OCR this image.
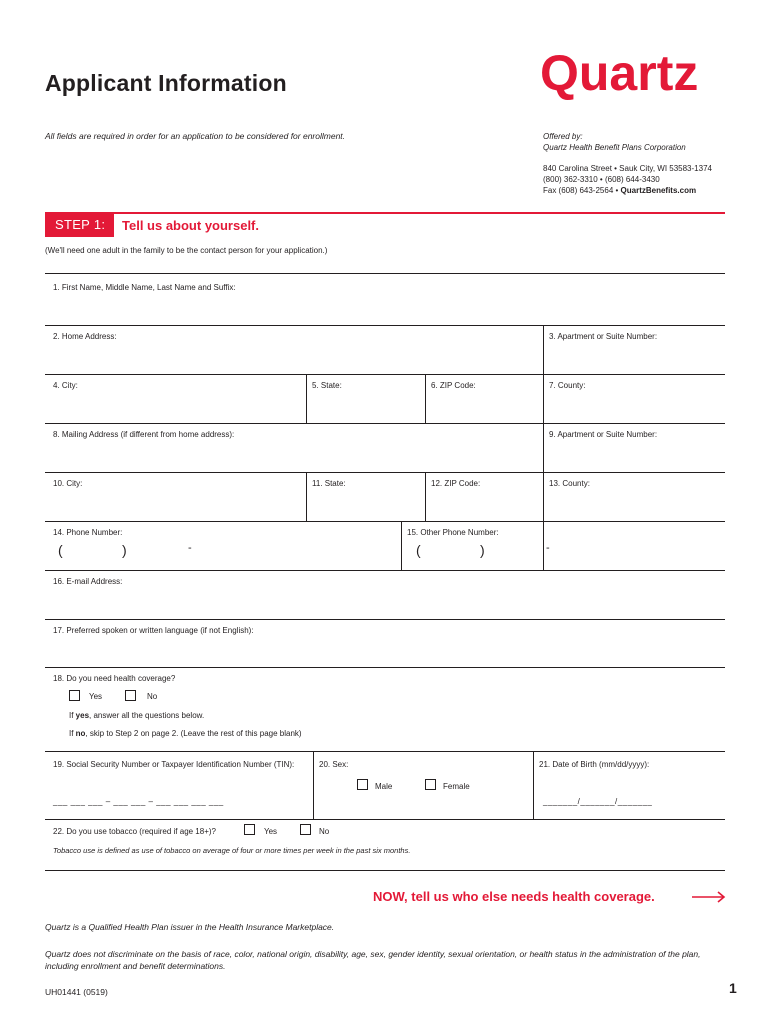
Applicant Information
All fields are required in order for an application to be considered for enrollment.
Quartz
Offered by:
Quartz Health Benefit Plans Corporation
840 Carolina Street • Sauk City, WI 53583-1374
(800) 362-3310 • (608) 644-3430
Fax (608) 643-2564 • QuartzBenefits.com
STEP 1:	Tell us about yourself.
(We'll need one adult in the family to be the contact person for your application.)
1. First Name, Middle Name, Last Name and Suffix:
2. Home Address:	3. Apartment or Suite Number:
4. City:	5. State:	6. ZIP Code:	7. County:
8. Mailing Address (if different from home address):	9. Apartment or Suite Number:
10. City:	11. State:	12. ZIP Code:	13. County:
14. Phone Number:	15. Other Phone Number:
(	)	-	(	)	-
16. E-mail Address:
17. Preferred spoken or written language (if not English):
18. Do you need health coverage?
Yes	No
If yes, answer all the questions below.
If no, skip to Step 2 on page 2. (Leave the rest of this page blank)
19. Social Security Number or Taxpayer Identification Number (TIN):
___ ___ ___ – ___ ___ – ___ ___ ___ ___
20. Sex:
Male	Female
21. Date of Birth (mm/dd/yyyy):
_______/_______/_______
22. Do you use tobacco (required if age 18+)?	Yes	No
Tobacco use is defined as use of tobacco on average of four or more times per week in the past six months.
NOW, tell us who else needs health coverage.
Quartz is a Qualified Health Plan issuer in the Health Insurance Marketplace.
Quartz does not discriminate on the basis of race, color, national origin, disability, age, sex, gender identity, sexual orientation, or health status in the administration of the plan, including enrollment and benefit determinations.
UH01441 (0519)	1
